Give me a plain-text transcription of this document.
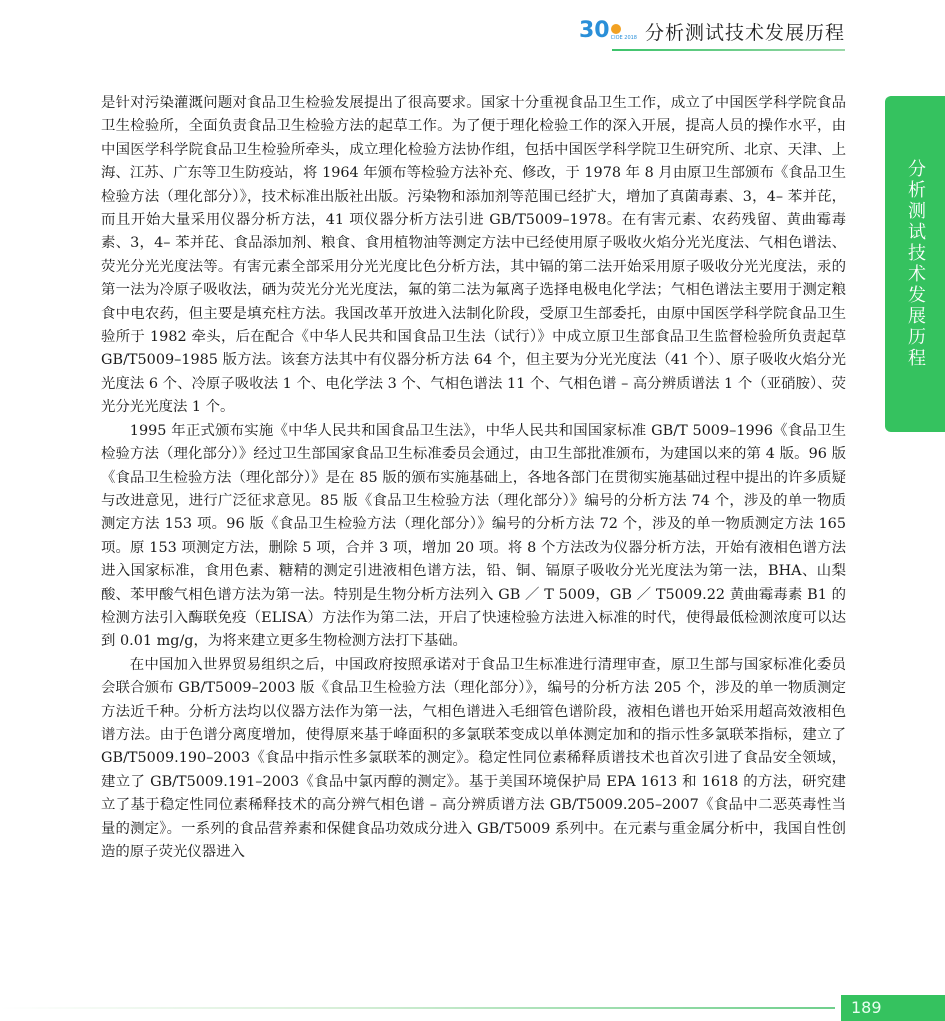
30 CIOE 2018 分析测试技术发展历程
分析测试技术发展历程

是针对污染灌溉问题对食品卫生检验发展提出了很高要求。国家十分重视食品卫生工作，成立了中国医学科学院食品卫生检验所，全面负责食品卫生检验方法的起草工作。为了便于理化检验工作的深入开展，提高人员的操作水平，由中国医学科学院食品卫生检验所牵头，成立理化检验方法协作组，包括中国医学科学院卫生研究所、北京、天津、上海、江苏、广东等卫生防疫站，将 1964 年颁布等检验方法补充、修改，于 1978 年 8 月由原卫生部颁布《食品卫生检验方法（理化部分）》，技术标准出版社出版。污染物和添加剂等范围已经扩大，增加了真菌毒素、3，4– 苯并芘，而且开始大量采用仪器分析方法，41 项仪器分析方法引进 GB/T5009–1978。在有害元素、农药残留、黄曲霉毒素、3，4– 苯并芘、食品添加剂、粮食、食用植物油等测定方法中已经使用原子吸收火焰分光光度法、气相色谱法、荧光分光光度法等。有害元素全部采用分光光度比色分析方法，其中镉的第二法开始采用原子吸收分光光度法，汞的第一法为冷原子吸收法，硒为荧光分光光度法，氟的第二法为氟离子选择电极电化学法；气相色谱法主要用于测定粮食中电农药，但主要是填充柱方法。我国改革开放进入法制化阶段，受原卫生部委托，由原中国医学科学院食品卫生验所于 1982 牵头，后在配合《中华人民共和国食品卫生法（试行）》中成立原卫生部食品卫生监督检验所负责起草 GB/T5009–1985 版方法。该套方法其中有仪器分析方法 64 个，但主要为分光光度法（41 个）、原子吸收火焰分光光度法 6 个、冷原子吸收法 1 个、电化学法 3 个、气相色谱法 11 个、气相色谱 – 高分辨质谱法 1 个（亚硝胺）、荧光分光光度法 1 个。

1995 年正式颁布实施《中华人民共和国食品卫生法》，中华人民共和国国家标准 GB/T 5009–1996《食品卫生检验方法（理化部分）》经过卫生部国家食品卫生标准委员会通过，由卫生部批准颁布，为建国以来的第 4 版。96 版《食品卫生检验方法（理化部分）》是在 85 版的颁布实施基础上，各地各部门在贯彻实施基础过程中提出的许多质疑与改进意见，进行广泛征求意见。85 版《食品卫生检验方法（理化部分）》编号的分析方法 74 个，涉及的单一物质测定方法 153 项。96 版《食品卫生检验方法（理化部分）》编号的分析方法 72 个，涉及的单一物质测定方法 165 项。原 153 项测定方法，删除 5 项，合并 3 项，增加 20 项。将 8 个方法改为仪器分析方法，开始有液相色谱方法进入国家标准，食用色素、糖精的测定引进液相色谱方法，铅、铜、镉原子吸收分光光度法为第一法，BHA、山梨酸、苯甲酸气相色谱方法为第一法。特别是生物分析方法列入 GB ／ T 5009，GB ／ T5009.22 黄曲霉毒素 B1 的检测方法引入酶联免疫（ELISA）方法作为第二法，开启了快速检验方法进入标准的时代，使得最低检测浓度可以达到 0.01 mg/g，为将来建立更多生物检测方法打下基础。

在中国加入世界贸易组织之后，中国政府按照承诺对于食品卫生标准进行清理审查，原卫生部与国家标准化委员会联合颁布 GB/T5009–2003 版《食品卫生检验方法（理化部分）》，编号的分析方法 205 个，涉及的单一物质测定方法近千种。分析方法均以仪器方法作为第一法，气相色谱进入毛细管色谱阶段，液相色谱也开始采用超高效液相色谱方法。由于色谱分离度增加，使得原来基于峰面积的多氯联苯变成以单体测定加和的指示性多氯联苯指标，建立了 GB/T5009.190–2003《食品中指示性多氯联苯的测定》。稳定性同位素稀释质谱技术也首次引进了食品安全领域，建立了 GB/T5009.191–2003《食品中氯丙醇的测定》。基于美国环境保护局 EPA 1613 和 1618 的方法，研究建立了基于稳定性同位素稀释技术的高分辨气相色谱 – 高分辨质谱方法 GB/T5009.205–2007《食品中二恶英毒性当量的测定》。一系列的食品营养素和保健食品功效成分进入 GB/T5009 系列中。在元素与重金属分析中，我国自性创造的原子荧光仪器进入

189
